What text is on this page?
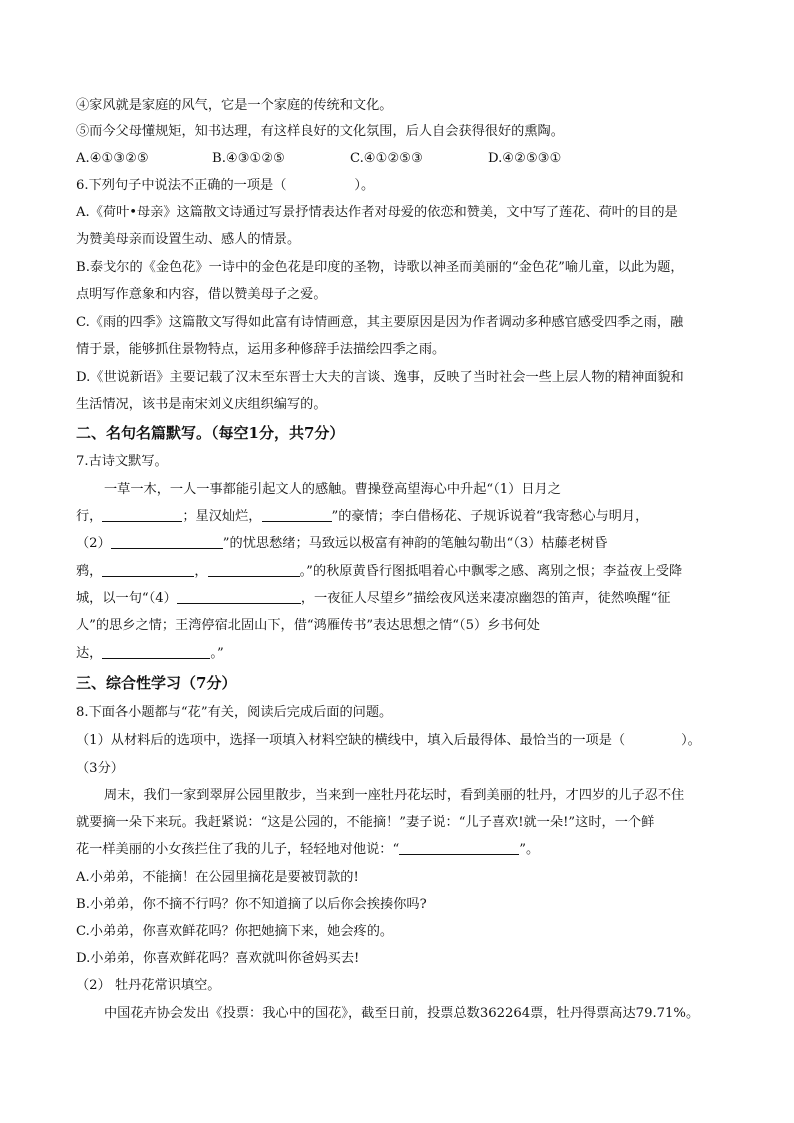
④家风就是家庭的风气，它是一个家庭的传统和文化。
⑤而今父母懂规矩，知书达理，有这样良好的文化氛围，后人自会获得很好的熏陶。
A.④①③②⑤	B.④③①②⑤	C.④①②⑤③	D.④②⑤③①
6.下列句子中说法不正确的一项是（	）。
A.《荷叶•母亲》这篇散文诗通过写景抒情表达作者对母爱的依恋和赞美，文中写了莲花、荷叶的目的是
为赞美母亲而设置生动、感人的情景。
B.泰戈尔的《金色花》一诗中的金色花是印度的圣物，诗歌以神圣而美丽的“金色花”喻儿童，以此为题，
点明写作意象和内容，借以赞美母子之爱。
C.《雨的四季》这篇散文写得如此富有诗情画意，其主要原因是因为作者调动多种感官感受四季之雨，融
情于景，能够抓住景物特点，运用多种修辞手法描绘四季之雨。
D.《世说新语》主要记载了汉末至东晋士大夫的言谈、逸事，反映了当时社会一些上层人物的精神面貌和
生活情况，该书是南宋刘义庆组织编写的。
二、名句名篇默写。（每空1分，共7分）
7.古诗文默写。
一草一木，一人一事都能引起文人的感触。曹操登高望海心中升起“（1）日月之
行，	；星汉灿烂，	”的豪情；李白借杨花、子规诉说着“我寄愁心与明月，
（2）	”的忧思愁绪；马致远以极富有神韵的笔触勾勒出“（3）枯藤老树昏
鸦，	，	。”的秋原黄昏行图抵唱着心中飘零之感、离别之恨；李益夜上受降
城，以一句“（4）	，一夜征人尽望乡”描绘夜风送来凄凉幽怨的笛声，徒然唤醒“征
人”的思乡之情；王湾停宿北固山下，借“鸿雁传书”表达思想之情“（5）乡书何处
达，	。”
三、综合性学习（7分）
8.下面各小题都与“花”有关，阅读后完成后面的问题。
（1）从材料后的选项中，选择一项填入材料空缺的横线中，填入后最得体、最恰当的一项是（	）。
（3分）
周末，我们一家到翠屏公园里散步，当来到一座牡丹花坛时，看到美丽的牡丹，才四岁的儿子忍不住
就要摘一朵下来玩。我赶紧说：“这是公园的，不能摘！”妻子说：“儿子喜欢!就一朵!”这时，一个鲜
花一样美丽的小女孩拦住了我的儿子，轻轻地对他说：“	”。
A.小弟弟，不能摘！在公园里摘花是要被罚款的!
B.小弟弟，你不摘不行吗？你不知道摘了以后你会挨揍你吗?
C.小弟弟，你喜欢鲜花吗？你把她摘下来，她会疼的。
D.小弟弟，你喜欢鲜花吗？喜欢就叫你爸妈买去!
（2） 牡丹花常识填空。
中国花卉协会发出《投票：我心中的国花》，截至日前，投票总数362264票，牡丹得票高达79.71%。
